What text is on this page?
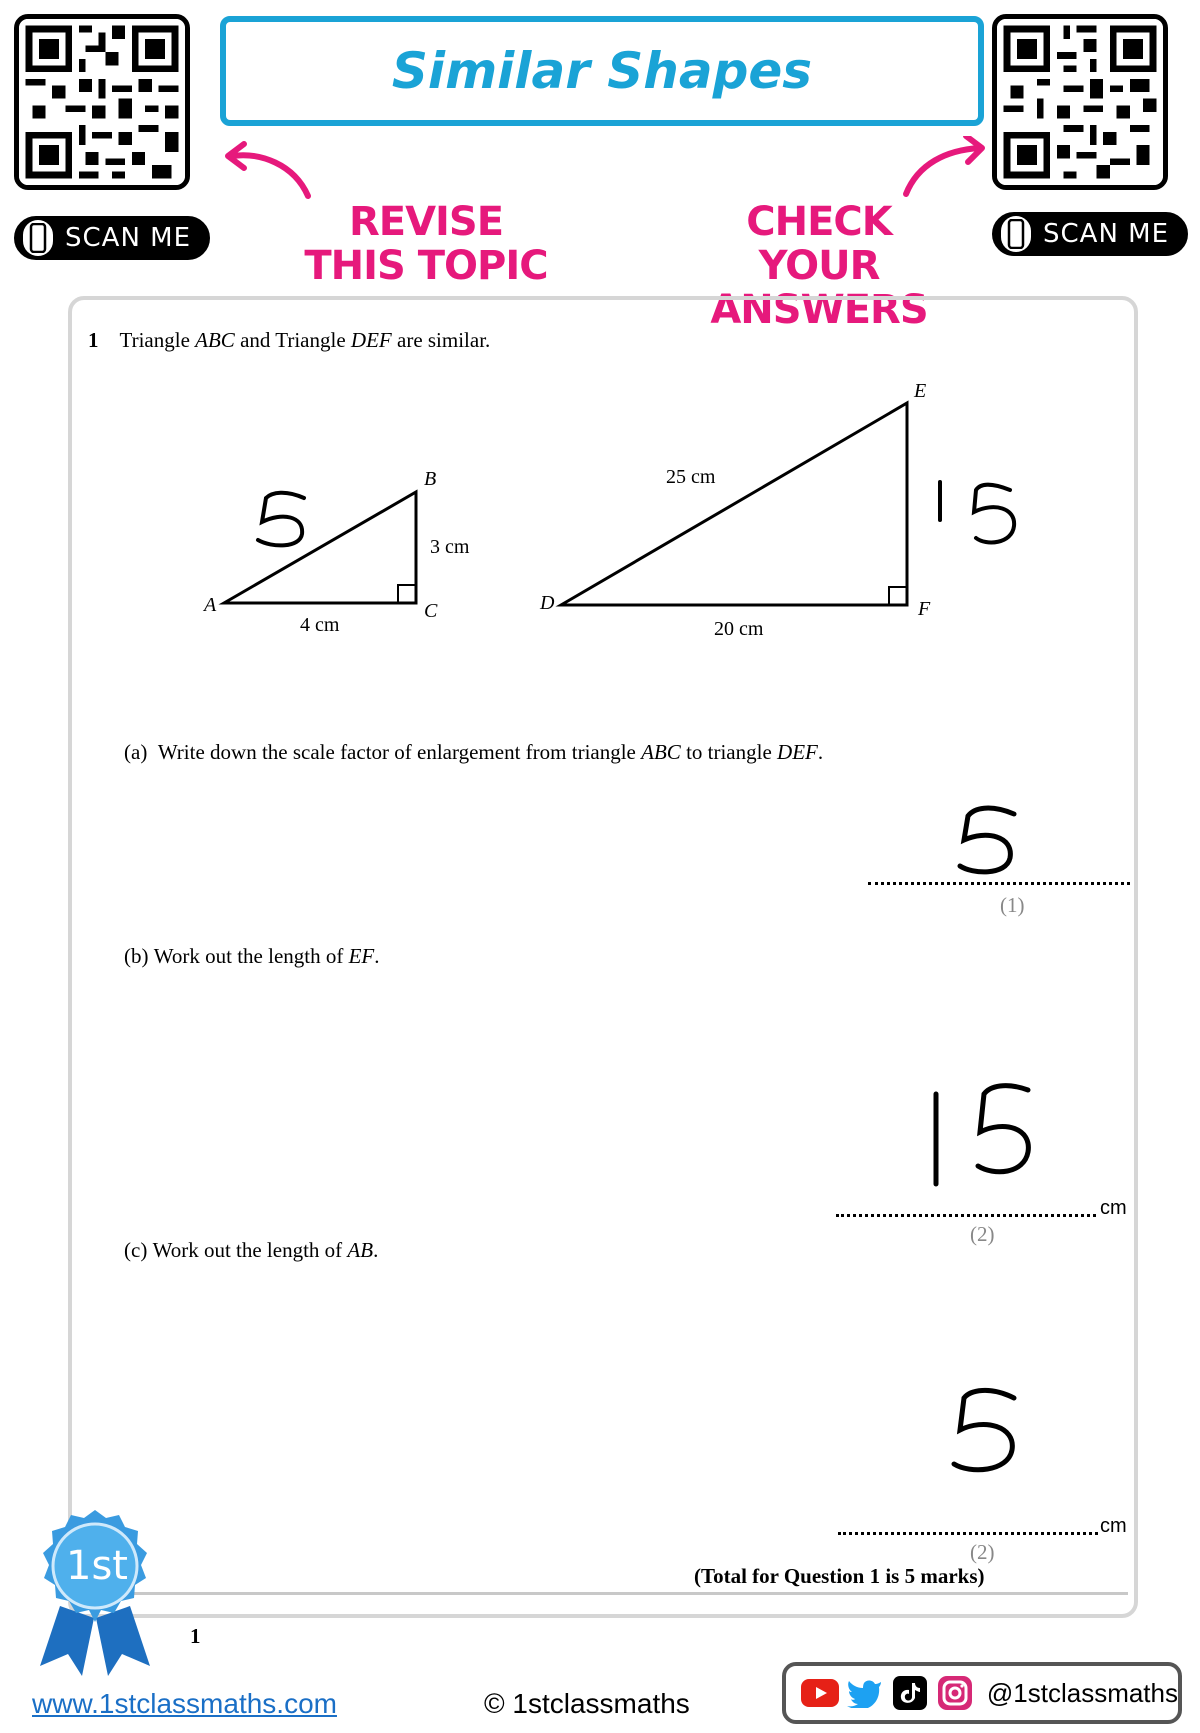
SCAN ME
Similar Shapes
SCAN ME
REVISE THIS TOPIC
CHECK YOUR ANSWERS
1 Triangle ABC and Triangle DEF are similar.
A
B
C
4 cm
3 cm
D
E
F
20 cm
25 cm
(a) Write down the scale factor of enlargement from triangle ABC to triangle DEF.
(1)
(b) Work out the length of EF.
cm
(2)
(c) Work out the length of AB.
cm
(2)
(Total for Question 1 is 5 marks)
1st
1
www.1stclassmaths.com	© 1stclassmaths	@1stclassmaths
